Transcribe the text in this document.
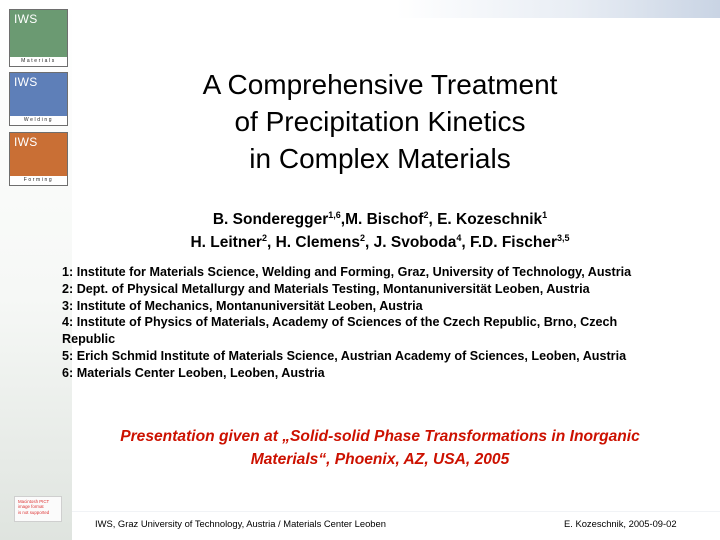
IWS
Materials
IWS
Welding
IWS
Forming
A Comprehensive Treatment
of Precipitation Kinetics
in Complex Materials
B. Sonderegger$^{1,6}$,M. Bischof$^2$, E. Kozeschnik$^1$
H. Leitner$^2$, H. Clemens$^2$, J. Svoboda$^4$, F.D. Fischer$^{3,5}$
1: Institute for Materials Science, Welding and Forming, Graz, University of Technology, Austria
2: Dept. of Physical Metallurgy and Materials Testing, Montanuniversität Leoben, Austria
3: Institute of Mechanics, Montanuniversität Leoben, Austria
4: Institute of Physics of Materials, Academy of Sciences of the Czech Republic, Brno, Czech
Republic
5: Erich Schmid Institute of Materials Science, Austrian Academy of Sciences, Leoben, Austria
6: Materials Center Leoben, Leoben, Austria
Presentation given at „Solid-solid Phase Transformations in Inorganic
Materials“, Phoenix, AZ, USA, 2005
Macintosh PICT
image format
is not supported
IWS, Graz University of Technology, Austria / Materials Center Leoben	E. Kozeschnik, 2005-09-02
